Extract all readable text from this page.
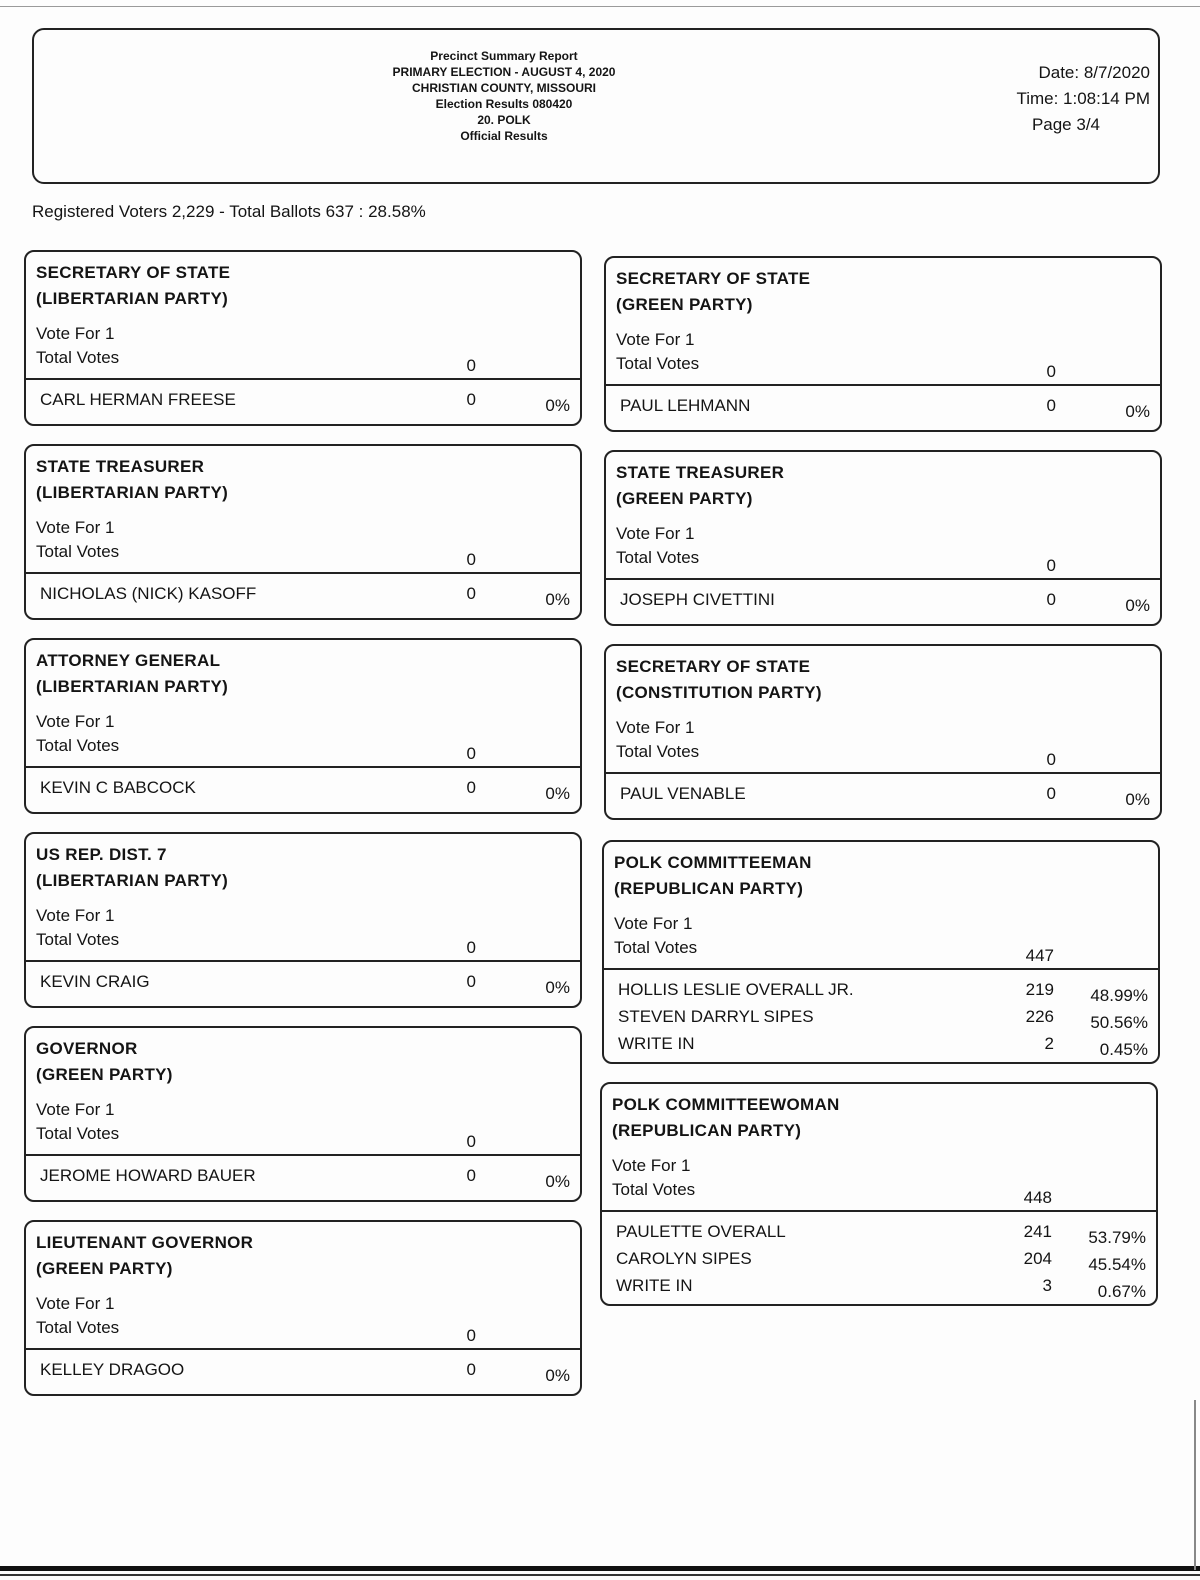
Precinct Summary Report
PRIMARY ELECTION - AUGUST 4, 2020
CHRISTIAN COUNTY, MISSOURI
Election Results 080420
20. POLK
Official Results
Date: 8/7/2020
Time: 1:08:14 PM
Page 3/4
Registered Voters 2,229 - Total Ballots 637 : 28.58%
SECRETARY OF STATE
(LIBERTARIAN PARTY)
Vote For 1
Total Votes	0
CARL HERMAN FREESE	0	0%
STATE TREASURER
(LIBERTARIAN PARTY)
Vote For 1
Total Votes	0
NICHOLAS (NICK) KASOFF	0	0%
ATTORNEY GENERAL
(LIBERTARIAN PARTY)
Vote For 1
Total Votes	0
KEVIN C BABCOCK	0	0%
US REP. DIST. 7
(LIBERTARIAN PARTY)
Vote For 1
Total Votes	0
KEVIN CRAIG	0	0%
GOVERNOR
(GREEN PARTY)
Vote For 1
Total Votes	0
JEROME HOWARD BAUER	0	0%
LIEUTENANT GOVERNOR
(GREEN PARTY)
Vote For 1
Total Votes	0
KELLEY DRAGOO	0	0%
SECRETARY OF STATE
(GREEN PARTY)
Vote For 1
Total Votes	0
PAUL LEHMANN	0	0%
STATE TREASURER
(GREEN PARTY)
Vote For 1
Total Votes	0
JOSEPH CIVETTINI	0	0%
SECRETARY OF STATE
(CONSTITUTION PARTY)
Vote For 1
Total Votes	0
PAUL VENABLE	0	0%
POLK COMMITTEEMAN
(REPUBLICAN PARTY)
Vote For 1
Total Votes	447
HOLLIS LESLIE OVERALL JR.	219	48.99%
STEVEN DARRYL SIPES	226	50.56%
WRITE IN	2	0.45%
POLK COMMITTEEWOMAN
(REPUBLICAN PARTY)
Vote For 1
Total Votes	448
PAULETTE OVERALL	241	53.79%
CAROLYN SIPES	204	45.54%
WRITE IN	3	0.67%
